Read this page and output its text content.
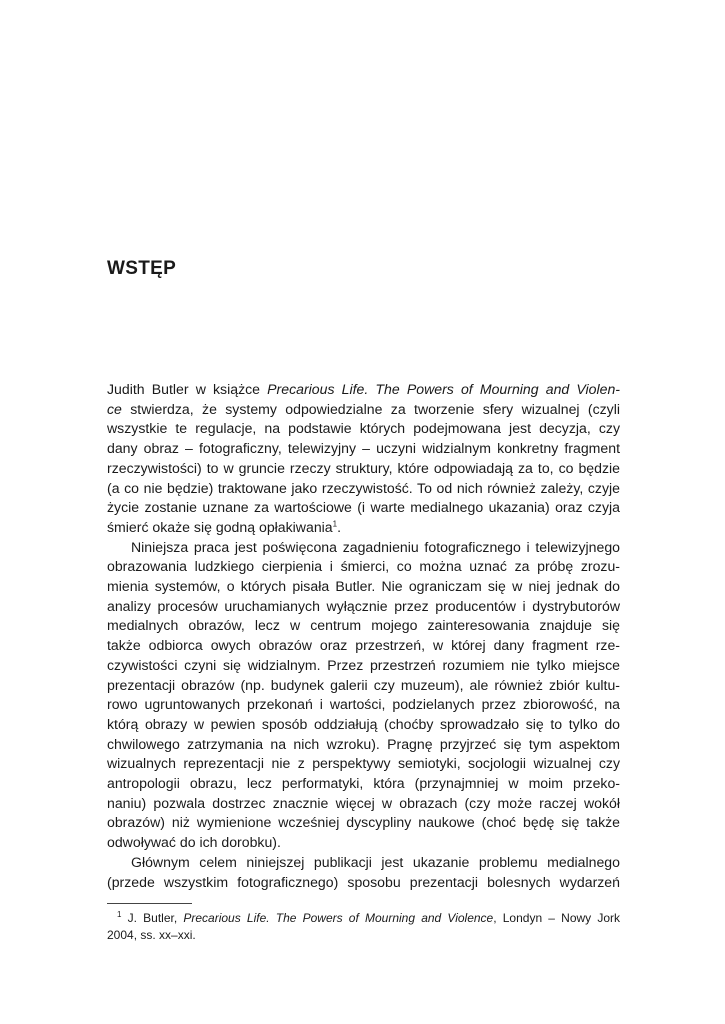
WSTĘP
Judith Butler w książce Precarious Life. The Powers of Mourning and Violen-
ce stwierdza, że systemy odpowiedzialne za tworzenie sfery wizualnej (czyli
wszystkie te regulacje, na podstawie których podejmowana jest decyzja, czy
dany obraz – fotograficzny, telewizyjny – uczyni widzialnym konkretny fragment
rzeczywistości) to w gruncie rzeczy struktury, które odpowiadają za to, co będzie
(a co nie będzie) traktowane jako rzeczywistość. To od nich również zależy, czyje
życie zostanie uznane za wartościowe (i warte medialnego ukazania) oraz czyja
śmierć okaże się godną opłakiwania$^1$.
Niniejsza praca jest poświęcona zagadnieniu fotograficznego i telewizyjnego
obrazowania ludzkiego cierpienia i śmierci, co można uznać za próbę zrozu-
mienia systemów, o których pisała Butler. Nie ograniczam się w niej jednak do
analizy procesów uruchamianych wyłącznie przez producentów i dystrybutorów
medialnych obrazów, lecz w centrum mojego zainteresowania znajduje się
także odbiorca owych obrazów oraz przestrzeń, w której dany fragment rze-
czywistości czyni się widzialnym. Przez przestrzeń rozumiem nie tylko miejsce
prezentacji obrazów (np. budynek galerii czy muzeum), ale również zbiór kultu-
rowo ugruntowanych przekonań i wartości, podzielanych przez zbiorowość, na
którą obrazy w pewien sposób oddziałują (choćby sprowadzało się to tylko do
chwilowego zatrzymania na nich wzroku). Pragnę przyjrzeć się tym aspektom
wizualnych reprezentacji nie z perspektywy semiotyki, socjologii wizualnej czy
antropologii obrazu, lecz performatyki, która (przynajmniej w moim przeko-
naniu) pozwala dostrzec znacznie więcej w obrazach (czy może raczej wokół
obrazów) niż wymienione wcześniej dyscypliny naukowe (choć będę się także
odwoływać do ich dorobku).
Głównym celem niniejszej publikacji jest ukazanie problemu medialnego
(przede wszystkim fotograficznego) sposobu prezentacji bolesnych wydarzeń
$^1$ J. Butler, Precarious Life. The Powers of Mourning and Violence, Londyn – Nowy Jork
2004, ss. xx–xxi.
